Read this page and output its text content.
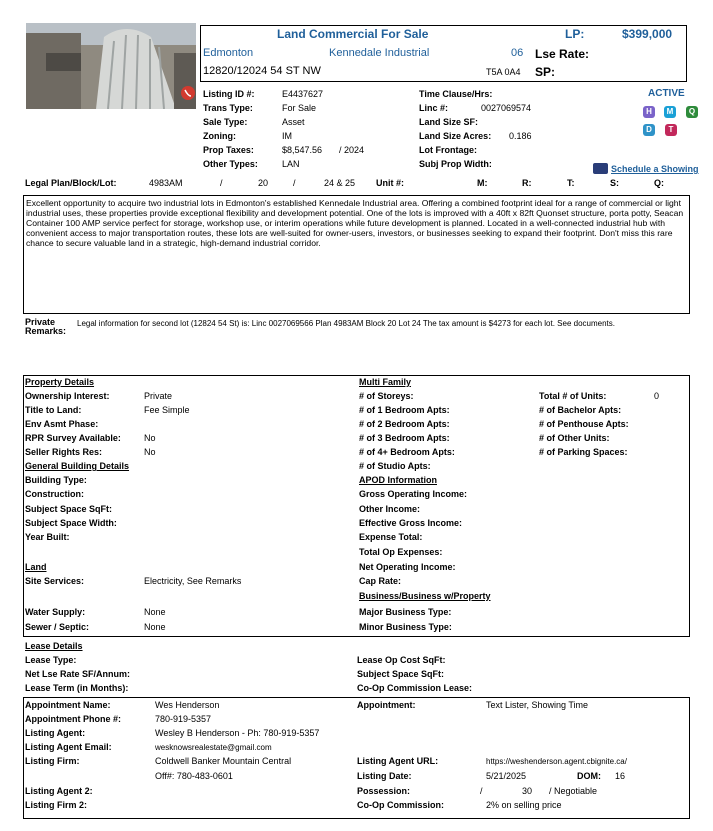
Land Commercial For Sale
Edmonton	Kennedale Industrial	06
12820/12024 54 ST NW	T5A 0A4
LP:	$399,000
Lse Rate:
SP:
Listing ID #:	E4437627
Trans Type:	For Sale
Sale Type:	Asset
Zoning:	IM
Prop Taxes:	$8,547.56 / 2024
Other Types:	LAN
Time Clause/Hrs:
Linc #:	0027069574
Land Size SF:
Land Size Acres: 0.186
Lot Frontage:
Subj Prop Width:
ACTIVE
H	M	Q
D	T
Schedule a Showing
Legal Plan/Block/Lot:	4983AM	/	20	/	24 & 25 Unit #:	M:	R:	T:	S:	Q:
Excellent opportunity to acquire two industrial lots in Edmonton's established Kennedale Industrial area. Offering a combined footprint ideal for a range of commercial or light industrial uses, these properties provide exceptional flexibility and development potential. One of the lots is improved with a 40ft x 82ft Quonset structure, porta potty, Seacan Container 100 AMP service perfect for storage, workshop use, or interim operations while future development is planned. Located in a well-connected industrial hub with convenient access to major transportation routes, these lots are well-suited for owner-users, investors, or businesses seeking to expand their footprint. Don't miss this rare chance to secure valuable land in a strategic, high-demand industrial corridor.
Private Remarks:
Legal information for second lot (12824 54 St) is: Linc 0027069566 Plan 4983AM Block 20 Lot 24 The tax amount is $4273 for each lot. See documents.
Property Details
Ownership Interest:	Private
Title to Land:	Fee Simple
Env Asmt Phase:
RPR Survey Available:	No
Seller Rights Res:	No
General Building Details
Building Type:
Construction:
Subject Space SqFt:
Subject Space Width:
Year Built:
Land
Site Services:	Electricity, See Remarks
Water Supply:	None
Sewer / Septic:	None
Multi Family
# of Storeys:
# of 1 Bedroom Apts:
# of 2 Bedroom Apts:
# of 3 Bedroom Apts:
# of 4+ Bedroom Apts:
# of Studio Apts:
Total # of Units:	0
# of Bachelor Apts:
# of Penthouse Apts:
# of Other Units:
# of Parking Spaces:
APOD Information
Gross Operating Income:
Other Income:
Effective Gross Income:
Expense Total:
Total Op Expenses:
Net Operating Income:
Cap Rate:
Business/Business w/Property
Major Business Type:
Minor Business Type:
Lease Details
Lease Type:
Net Lse Rate SF/Annum:
Lease Term (in Months):
Lease Op Cost SqFt:
Subject Space SqFt:
Co-Op Commission Lease:
Appointment Name:	Wes Henderson
Appointment Phone #:	780-919-5357
Listing Agent:	Wesley B Henderson - Ph: 780-919-5357
Listing Agent Email:	wesknowsrealestate@gmail.com
Listing Firm:	Coldwell Banker Mountain Central
Off#: 780-483-0601
Listing Agent 2:
Listing Firm 2:
Appointment:	Text Lister, Showing Time
Listing Agent URL:	https://weshenderson.agent.cbignite.ca/
Listing Date:	5/21/2025	DOM: 16
Possession:	/	30 / Negotiable
Co-Op Commission:	2% on selling price
